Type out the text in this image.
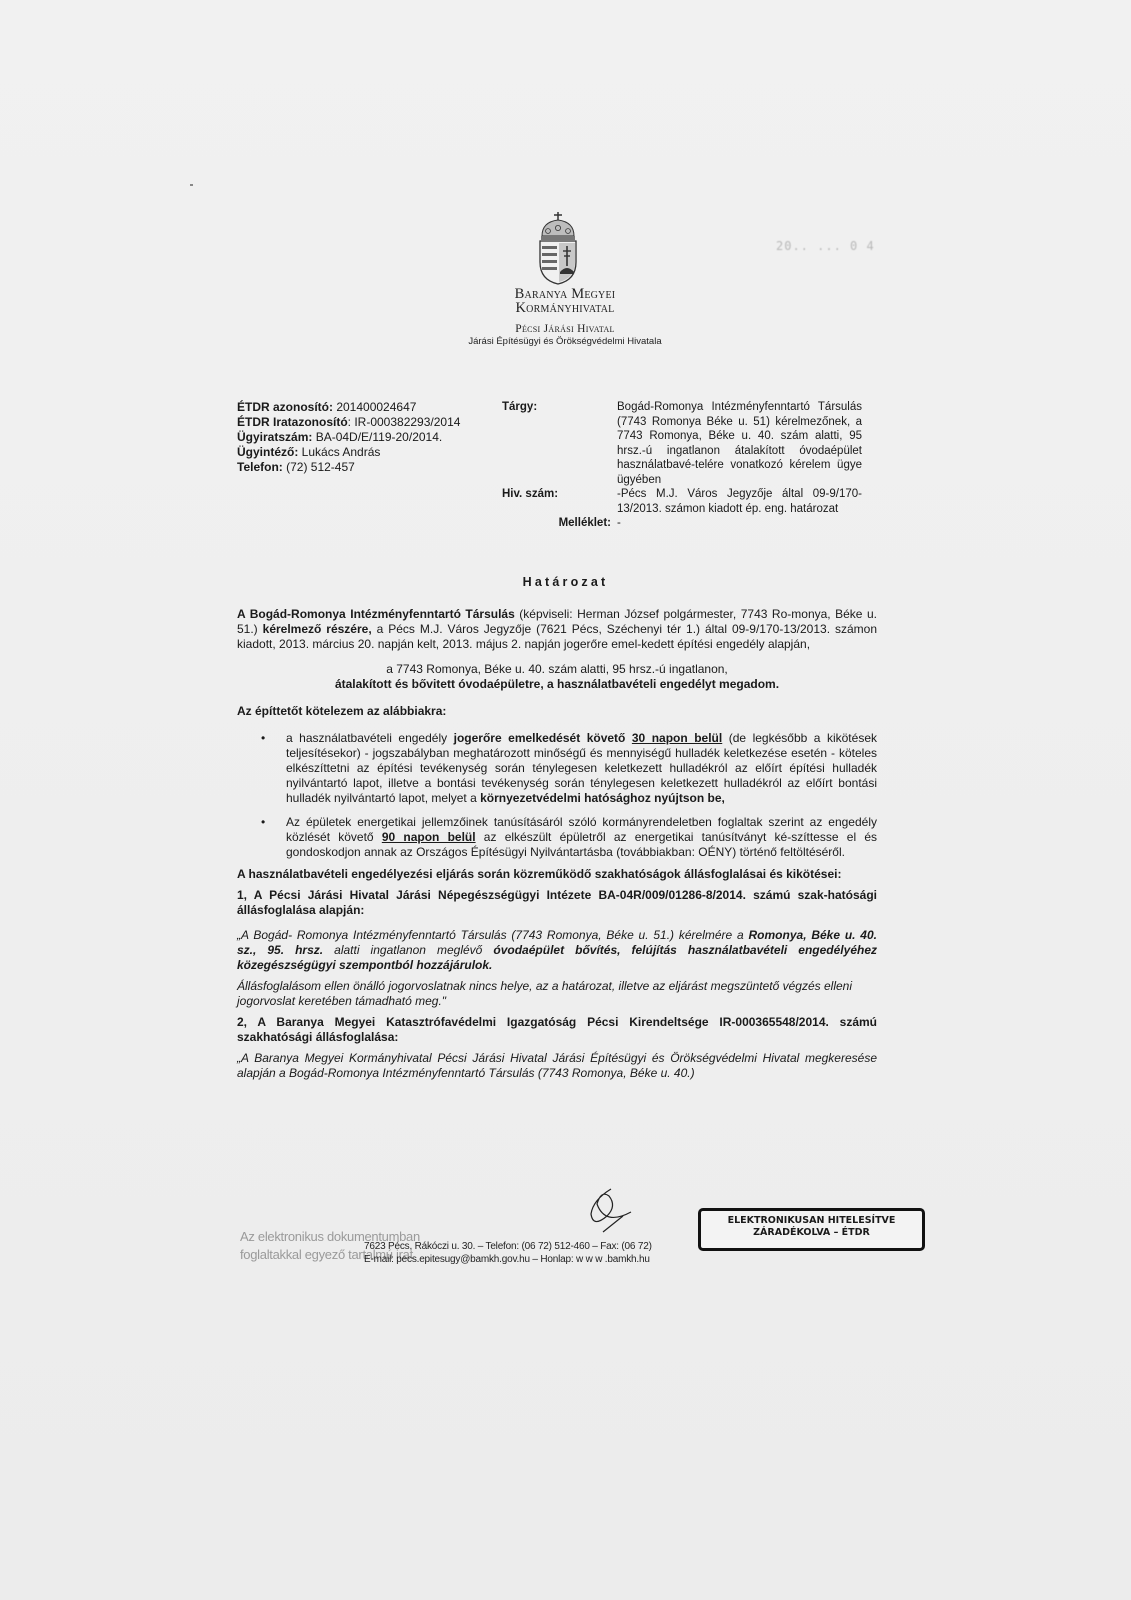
Baranya Megyei
Kormányhivatal
Pécsi Járási Hivatal
Járási Építésügyi és Örökségvédelmi Hivatala
20.. ... 0 4
ÉTDR azonosító: 201400024647
ÉTDR Iratazonosító: IR-000382293/2014
Ügyiratszám: BA-04D/E/119-20/2014.
Ügyintéző: Lukács András
Telefon: (72) 512-457
Tárgy:	Bogád-Romonya Intézményfenntartó Társulás (7743 Romonya Béke u. 51) kérelmezőnek, a 7743 Romonya, Béke u. 40. szám alatti, 95 hrsz.-ú ingatlanon átalakított óvodaépület használatbavé-telére vonatkozó kérelem ügye ügyében
Hiv. szám:	-Pécs M.J. Város Jegyzője által 09-9/170-13/2013. számon kiadott ép. eng. határozat
Melléklet: -
Határozat

A Bogád-Romonya Intézményfenntartó Társulás (képviseli: Herman József polgármester, 7743 Ro-monya, Béke u. 51.) kérelmező részére, a Pécs M.J. Város Jegyzője (7621 Pécs, Széchenyi tér 1.) által 09-9/170-13/2013. számon kiadott, 2013. március 20. napján kelt, 2013. május 2. napján jogerőre emel-kedett építési engedély alapján,

a 7743 Romonya, Béke u. 40. szám alatti, 95 hrsz.-ú ingatlanon,

átalakított és bővitett óvodaépületre, a használatbavételi engedélyt megadom.

Az építtetőt kötelezem az alábbiakra:

• a használatbavételi engedély jogerőre emelkedését követő 30 napon belül (de legkésőbb a kikötések teljesítésekor) - jogszabályban meghatározott minőségű és mennyiségű hulladék keletkezése esetén - köteles elkészíttetni az építési tevékenység során ténylegesen keletkezett hulladékról az előírt építési hulladék nyilvántartó lapot, illetve a bontási tevékenység során ténylegesen keletkezett hulladékról az előírt bontási hulladék nyilvántartó lapot, melyet a környezetvédelmi hatósághoz nyújtson be,
• Az épületek energetikai jellemzőinek tanúsításáról szóló kormányrendeletben foglaltak szerint az engedély közlését követő 90 napon belül az elkészült épületről az energetikai tanúsítványt ké-szíttesse el és gondoskodjon annak az Országos Építésügyi Nyilvántartásba (továbbiakban: OÉNY) történő feltöltéséről.

A használatbavételi engedélyezési eljárás során közreműködő szakhatóságok állásfoglalásai és kikötései:

1, A Pécsi Járási Hivatal Járási Népegészségügyi Intézete BA-04R/009/01286-8/2014. számú szak-hatósági állásfoglalása alapján:

„A Bogád- Romonya Intézményfenntartó Társulás (7743 Romonya, Béke u. 51.) kérelmére a Romonya, Béke u. 40. sz., 95. hrsz. alatti ingatlanon meglévő óvodaépület bővítés, felújítás használatbavételi engedélyéhez közegészségügyi szempontból hozzájárulok.

Állásfoglalásom ellen önálló jogorvoslatnak nincs helye, az a határozat, illetve az eljárást megszüntető végzés elleni jogorvoslat keretében támadható meg."

2, A Baranya Megyei Katasztrófavédelmi Igazgatóság Pécsi Kirendeltsége IR-000365548/2014. számú szakhatósági állásfoglalása:

„A Baranya Megyei Kormányhivatal Pécsi Járási Hivatal Járási Építésügyi és Örökségvédelmi Hivatal megkeresése alapján a Bogád-Romonya Intézményfenntartó Társulás (7743 Romonya, Béke u. 40.)

Az elektronikus dokumentumban
foglaltakkal egyező tartalmú irat
7623 Pécs, Rákóczi u. 30. – Telefon: (06 72) 512-460 – Fax: (06 72)
E-mail: pecs.epitesugy@bamkh.gov.hu – Honlap: w w w .bamkh.hu
ELEKTRONIKUSAN HITELESÍTVE
ZÁRADÉKOLVA – ÉTDR
